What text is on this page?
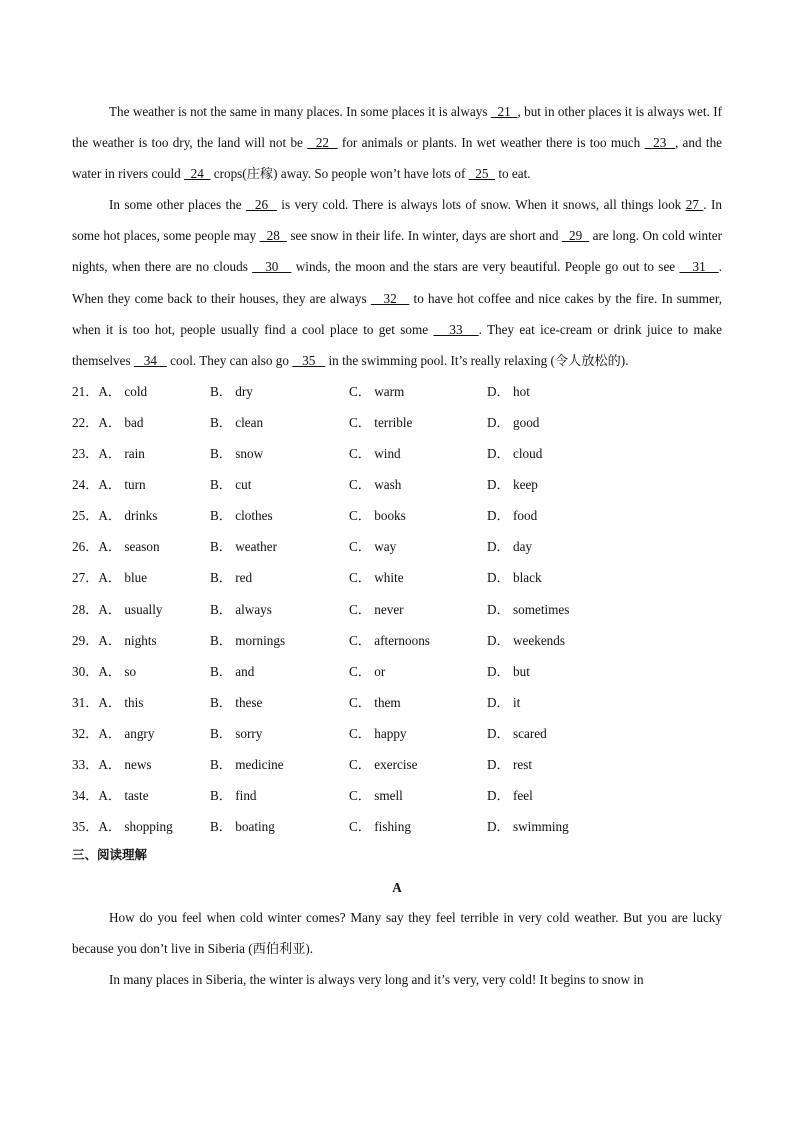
The weather is not the same in many places. In some places it is always   21  , but in other places it is always wet. If the weather is too dry, the land will not be   22   for animals or plants. In wet weather there is too much   23  , and the water in rivers could   24   crops(庄稼) away. So people won’t have lots of   25   to eat.

In some other places the   26   is very cold. There is always lots of snow. When it snows, all things look 27 . In some hot places, some people may   28   see snow in their life. In winter, days are short and   29   are long. On cold winter nights, when there are no clouds    30    winds, the moon and the stars are very beautiful. People go out to see    31   . When they come back to their houses, they are always    32    to have hot coffee and nice cakes by the fire. In summer, when it is too hot, people usually find a cool place to get some    33   . They eat ice-cream or drink juice to make themselves    34    cool. They can also go    35    in the swimming pool. It’s really relaxing (令人放松的).

21．A． cold	B． dry	C． warm	D． hot
22．A． bad	B． clean	C． terrible	D． good
23．A． rain	B． snow	C． wind	D． cloud
24．A． turn	B． cut	C． wash	D． keep
25．A． drinks	B． clothes	C． books	D． food
26．A． season	B． weather	C． way	D． day
27．A． blue	B． red	C． white	D． black
28．A． usually	B． always	C． never	D． sometimes
29．A． nights	B． mornings	C． afternoons	D． weekends
30．A． so	B． and	C． or	D． but
31．A． this	B． these	C． them	D． it
32．A． angry	B． sorry	C． happy	D． scared
33．A． news	B． medicine	C． exercise	D． rest
34．A． taste	B． find	C． smell	D． feel
35．A． shopping	B． boating	C． fishing	D． swimming
三、阅读理解
A

How do you feel when cold winter comes? Many say they feel terrible in very cold weather. But you are lucky because you don’t live in Siberia (西伯利亚).

In many places in Siberia, the winter is always very long and it’s very, very cold! It begins to snow in
